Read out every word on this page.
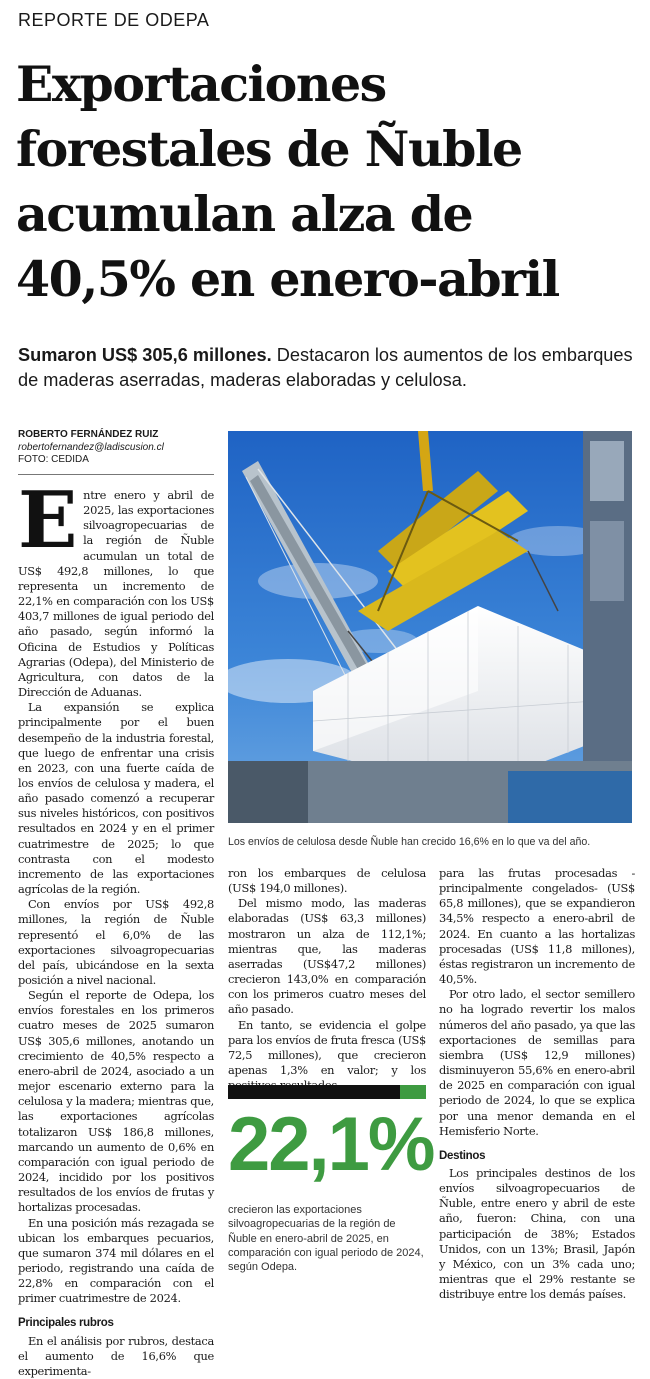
REPORTE DE ODEPA
Exportaciones
forestales de Ñuble
acumulan alza de
40,5% en enero-abril
Sumaron US$ 305,6 millones. Destacaron los aumentos de los embarques de maderas aserradas, maderas elaboradas y celulosa.
ROBERTO FERNÁNDEZ RUIZ
robertofernandez@ladiscusion.cl
FOTO: CEDIDA
Los envíos de celulosa desde Ñuble han crecido 16,6% en lo que va del año.

Entre enero y abril de 2025, las exportaciones silvoagropecuarias de la región de Ñuble acumulan un total de US$ 492,8 millones, lo que representa un incremento de 22,1% en comparación con los US$ 403,7 millones de igual periodo del año pasado, según informó la Oficina de Estudios y Políticas Agrarias (Odepa), del Ministerio de Agricultura, con datos de la Dirección de Aduanas.

La expansión se explica principalmente por el buen desempeño de la industria forestal, que luego de enfrentar una crisis en 2023, con una fuerte caída de los envíos de celulosa y madera, el año pasado comenzó a recuperar sus niveles históricos, con positivos resultados en 2024 y en el primer cuatrimestre de 2025; lo que contrasta con el modesto incremento de las exportaciones agrícolas de la región.

Con envíos por US$ 492,8 millones, la región de Ñuble representó el 6,0% de las exportaciones silvoagropecuarias del país, ubicándose en la sexta posición a nivel nacional.

Según el reporte de Odepa, los envíos forestales en los primeros cuatro meses de 2025 sumaron US$ 305,6 millones, anotando un crecimiento de 40,5% respecto a enero-abril de 2024, asociado a un mejor escenario externo para la celulosa y la madera; mientras que, las exportaciones agrícolas totalizaron US$ 186,8 millones, marcando un aumento de 0,6% en comparación con igual periodo de 2024, incidido por los positivos resultados de los envíos de frutas y hortalizas procesadas.

En una posición más rezagada se ubican los embarques pecuarios, que sumaron 374 mil dólares en el periodo, registrando una caída de 22,8% en comparación con el primer cuatrimestre de 2024.

Principales rubros

En el análisis por rubros, destaca el aumento de 16,6% que experimenta-

ron los embarques de celulosa (US$ 194,0 millones).

Del mismo modo, las maderas elaboradas (US$ 63,3 millones) mostraron un alza de 112,1%; mientras que, las maderas aserradas (US$47,2 millones) crecieron 143,0% en comparación con los primeros cuatro meses del año pasado.

En tanto, se evidencia el golpe para los envíos de fruta fresca (US$ 72,5 millones), que crecieron apenas 1,3% en valor; y los

22,1%
crecieron las exportaciones silvoagropecuarias de la región de Ñuble en enero-abril de 2025, en comparación con igual periodo de 2024, según Odepa.

para las frutas procesadas -principalmente congelados- (US$ 65,8 millones), que se expandieron 34,5% respecto a enero-abril de 2024. En cuanto a las hortalizas procesadas (US$ 11,8 millones), éstas registraron un incremento de 40,5%.

Por otro lado, el sector semillero no ha logrado revertir los malos números del año pasado, ya que las exportaciones de semillas para siembra (US$ 12,9 millones) disminuyeron 55,6% en enero-abril de 2025 en comparación con igual periodo de 2024, lo que se explica por una menor demanda en el Hemisferio Norte.

Destinos

Los principales destinos de los envíos silvoagropecuarios de Ñuble, entre enero y abril de este año, fueron: China, con una participación de 38%; Estados Unidos, con un 13%; Brasil, Japón y México, con un 3% cada uno; mientras que el 29% restante se distribuye entre los demás países.
